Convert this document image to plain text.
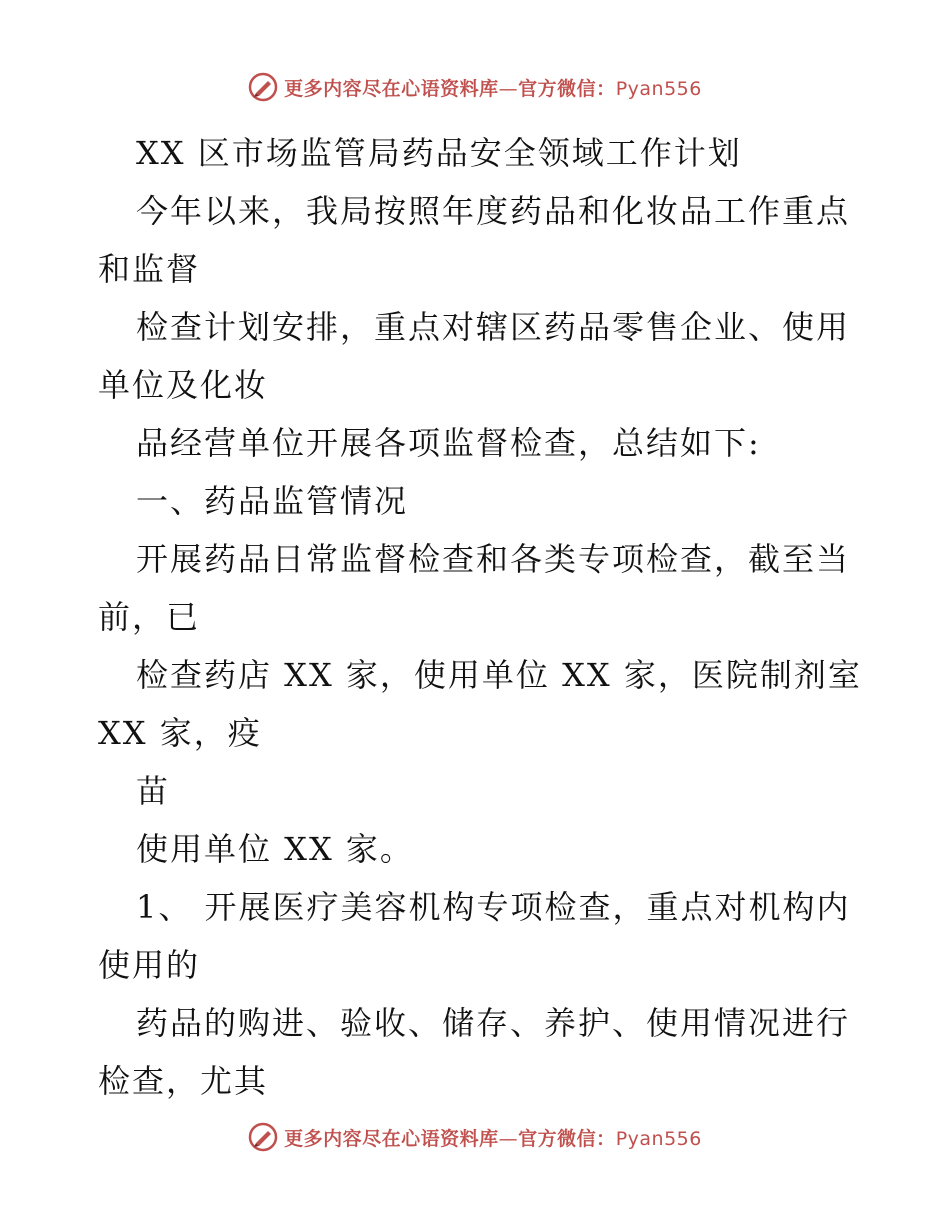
更多内容尽在心语资料库—官方微信：Pyan556
XX 区市场监管局药品安全领域工作计划
今年以来，我局按照年度药品和化妆品工作重点
和监督
检查计划安排，重点对辖区药品零售企业、使用
单位及化妆
品经营单位开展各项监督检查，总结如下:
一、药品监管情况
开展药品日常监督检查和各类专项检查，截至当
前，已
检查药店 XX 家，使用单位 XX 家，医院制剂室
XX 家，疫
苗
使用单位 XX 家。
1、 开展医疗美容机构专项检查，重点对机构内
使用的
药品的购进、验收、储存、养护、使用情况进行
检查，尤其
更多内容尽在心语资料库—官方微信：Pyan556
